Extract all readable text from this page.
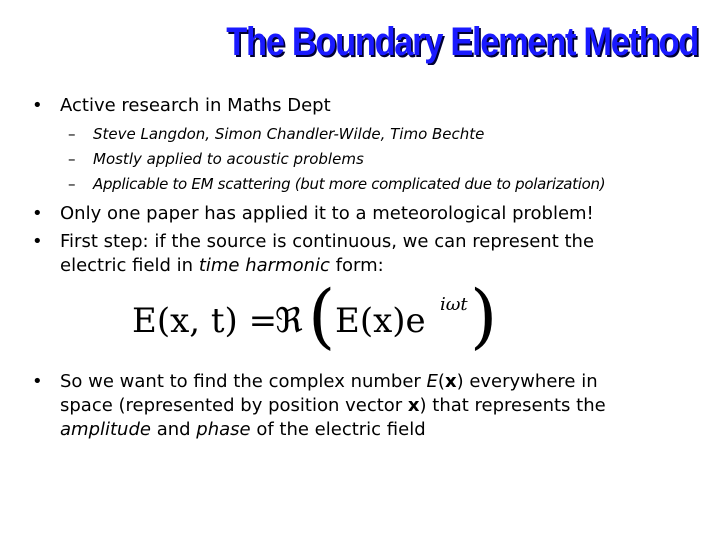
The Boundary Element Method
• Active research in Maths Dept
– Steve Langdon, Simon Chandler-Wilde, Timo Bechte
– Mostly applied to acoustic problems
– Applicable to EM scattering (but more complicated due to polarization)
• Only one paper has applied it to a meteorological problem!
• First step: if the source is continuous, we can represent the
electric field in time harmonic form:
E(x, t) =
ℜ ( E(x)e iωt )
• So we want to find the complex number E(x) everywhere in
space (represented by position vector x) that represents the
amplitude and phase of the electric field
